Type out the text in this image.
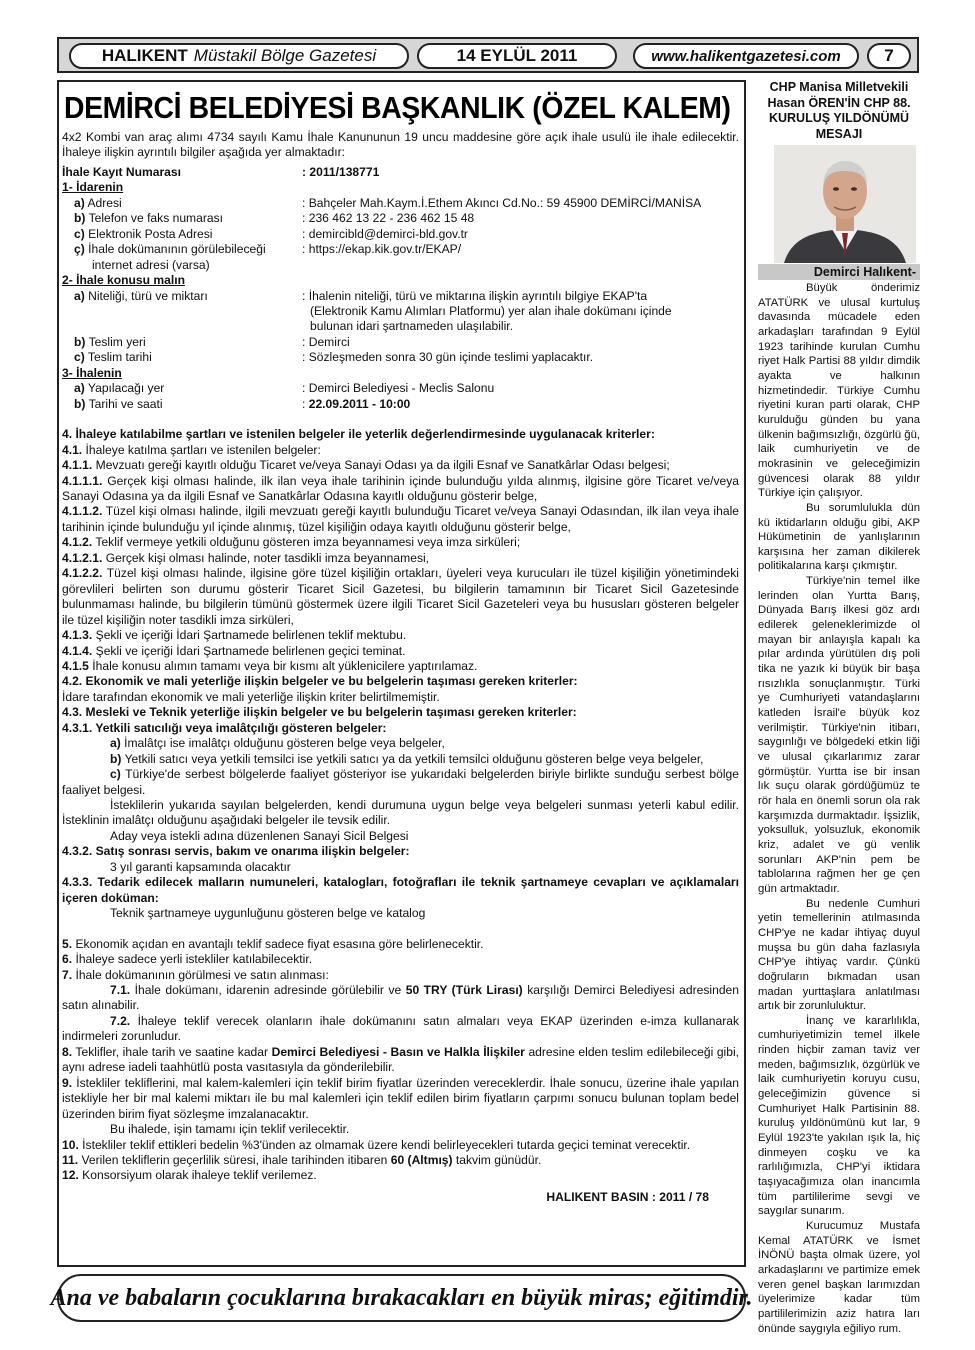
HALIKENT Müstakil Bölge Gazetesi	14 EYLÜL 2011	www.halikentgazetesi.com	7
DEMİRCİ BELEDİYESİ BAŞKANLIK (ÖZEL KALEM)

4x2 Kombi van araç alımı 4734 sayılı Kamu İhale Kanununun 19 uncu maddesine göre açık ihale usulü ile ihale edilecektir. İhaleye ilişkin ayrıntılı bilgiler aşağıda yer almaktadır:

İhale Kayıt Numarası	: 2011/138771
1- İdarenin
a) Adresi	: Bahçeler Mah.Kaym.İ.Ethem Akıncı Cd.No.: 59 45900 DEMİRCİ/MANİSA
b) Telefon ve faks numarası	: 236 462 13 22 - 236 462 15 48
c) Elektronik Posta Adresi	: demircibld@demirci-bld.gov.tr
ç) İhale dokümanının görülebileceği
internet adresi (varsa)
: https://ekap.kik.gov.tr/EKAP/
2- İhale konusu malın
a) Niteliği, türü ve miktarı	: İhalenin niteliği, türü ve miktarına ilişkin ayrıntılı bilgiye EKAP'ta
(Elektronik Kamu Alımları Platformu) yer alan ihale dokümanı içinde
bulunan idari şartnameden ulaşılabilir.
b) Teslim yeri	: Demirci
c) Teslim tarihi	: Sözleşmeden sonra 30 gün içinde teslimi yaplacaktır.
3- İhalenin
a) Yapılacağı yer	: Demirci Belediyesi - Meclis Salonu
b) Tarihi ve saati	: 22.09.2011 - 10:00

4. İhaleye katılabilme şartları ve istenilen belgeler ile yeterlik değerlendirmesinde uygulanacak kriterler:

4.1. İhaleye katılma şartları ve istenilen belgeler:

4.1.1. Mevzuatı gereği kayıtlı olduğu Ticaret ve/veya Sanayi Odası ya da ilgili Esnaf ve Sanatkârlar Odası belgesi;

4.1.1.1. Gerçek kişi olması halinde, ilk ilan veya ihale tarihinin içinde bulunduğu yılda alınmış, ilgisine göre Ticaret ve/veya Sanayi Odasına ya da ilgili Esnaf ve Sanatkârlar Odasına kayıtlı olduğunu gösterir belge,

4.1.1.2. Tüzel kişi olması halinde, ilgili mevzuatı gereği kayıtlı bulunduğu Ticaret ve/veya Sanayi Odasından, ilk ilan veya ihale tarihinin içinde bulunduğu yıl içinde alınmış, tüzel kişiliğin odaya kayıtlı olduğunu gösterir belge,

4.1.2. Teklif vermeye yetkili olduğunu gösteren imza beyannamesi veya imza sirküleri;

4.1.2.1. Gerçek kişi olması halinde, noter tasdikli imza beyannamesi,

4.1.2.2. Tüzel kişi olması halinde, ilgisine göre tüzel kişiliğin ortakları, üyeleri veya kurucuları ile tüzel kişiliğin yönetimindeki görevlileri belirten son durumu gösterir Ticaret Sicil Gazetesi, bu bilgilerin tamamının bir Ticaret Sicil Gazetesinde bulunmaması halinde, bu bilgilerin tümünü göstermek üzere ilgili Ticaret Sicil Gazeteleri veya bu hususları gösteren belgeler ile tüzel kişiliğin noter tasdikli imza sirküleri,

4.1.3. Şekli ve içeriği İdari Şartnamede belirlenen teklif mektubu.

4.1.4. Şekli ve içeriği İdari Şartnamede belirlenen geçici teminat.

4.1.5 İhale konusu alımın tamamı veya bir kısmı alt yüklenicilere yaptırılamaz.

4.2. Ekonomik ve mali yeterliğe ilişkin belgeler ve bu belgelerin taşıması gereken kriterler:

İdare tarafından ekonomik ve mali yeterliğe ilişkin kriter belirtilmemiştir.

4.3. Mesleki ve Teknik yeterliğe ilişkin belgeler ve bu belgelerin taşıması gereken kriterler:

4.3.1. Yetkili satıcılığı veya imalâtçılığı gösteren belgeler:

a) İmalâtçı ise imalâtçı olduğunu gösteren belge veya belgeler,

b) Yetkili satıcı veya yetkili temsilci ise yetkili satıcı ya da yetkili temsilci olduğunu gösteren belge veya belgeler,

c) Türkiye'de serbest bölgelerde faaliyet gösteriyor ise yukarıdaki belgelerden biriyle birlikte sunduğu serbest bölge faaliyet belgesi.

İsteklilerin yukarıda sayılan belgelerden, kendi durumuna uygun belge veya belgeleri sunması yeterli kabul edilir. İsteklinin imalâtçı olduğunu aşağıdaki belgeler ile tevsik edilir.

Aday veya istekli adına düzenlenen Sanayi Sicil Belgesi

4.3.2. Satış sonrası servis, bakım ve onarıma ilişkin belgeler:

3 yıl garanti kapsamında olacaktır

4.3.3. Tedarik edilecek malların numuneleri, katalogları, fotoğrafları ile teknik şartnameye cevapları ve açıklamaları içeren doküman:

Teknik şartnameye uygunluğunu gösteren belge ve katalog

5. Ekonomik açıdan en avantajlı teklif sadece fiyat esasına göre belirlenecektir.

6. İhaleye sadece yerli istekliler katılabilecektir.

7. İhale dokümanının görülmesi ve satın alınması:

7.1. İhale dokümanı, idarenin adresinde görülebilir ve 50 TRY (Türk Lirası) karşılığı Demirci Belediyesi adresinden satın alınabilir.

7.2. İhaleye teklif verecek olanların ihale dokümanını satın almaları veya EKAP üzerinden e-imza kullanarak indirmeleri zorunludur.

8. Teklifler, ihale tarih ve saatine kadar Demirci Belediyesi - Basın ve Halkla İlişkiler adresine elden teslim edilebileceği gibi, aynı adrese iadeli taahhütlü posta vasıtasıyla da gönderilebilir.

9. İstekliler tekliflerini, mal kalem-kalemleri için teklif birim fiyatlar üzerinden vereceklerdir. İhale sonucu, üzerine ihale yapılan istekliyle her bir mal kalemi miktarı ile bu mal kalemleri için teklif edilen birim fiyatların çarpımı sonucu bulunan toplam bedel üzerinden birim fiyat sözleşme imzalanacaktır.

Bu ihalede, işin tamamı için teklif verilecektir.

10. İstekliler teklif ettikleri bedelin %3'ünden az olmamak üzere kendi belirleyecekleri tutarda geçici teminat verecektir.

11. Verilen tekliflerin geçerlilik süresi, ihale tarihinden itibaren 60 (Altmış) takvim günüdür.

12. Konsorsiyum olarak ihaleye teklif verilemez.

HALIKENT BASIN : 2011 / 78
Ana ve babaların çocuklarına bırakacakları en büyük miras; eğitimdir.
CHP Manisa Milletvekili Hasan ÖREN'İN CHP 88. KURULUŞ YILDÖNÜMÜ MESAJI
Demirci Halıkent-

Büyük önderimiz ATATÜRK ve ulusal kurtuluş davasında mücadele eden arkadaşları tarafından 9 Eylül 1923 tarihinde kurulan Cumhu riyet Halk Partisi 88 yıldır dimdik ayakta ve halkının hizmetindedir. Türkiye Cumhu riyetini kuran parti olarak, CHP kurulduğu günden bu yana ülkenin bağımsızlığı, özgürlü ğü, laik cumhuriyetin ve de mokrasinin ve geleceğimizin güvencesi olarak 88 yıldır Türkiye için çalışıyor.

Bu sorumlulukla dün kü iktidarların olduğu gibi, AKP Hükümetinin de yanlışlarının karşısına her zaman dikilerek politikalarına karşı çıkmıştır.

Türkiye'nin temel ilke lerinden olan Yurtta Barış, Dünyada Barış ilkesi göz ardı edilerek geleneklerimizde ol mayan bir anlayışla kapalı ka pılar ardında yürütülen dış poli tika ne yazık ki büyük bir başa rısızlıkla sonuçlanmıştır. Türki ye Cumhuriyeti vatandaşlarını katleden İsrail'e büyük koz verilmiştir. Türkiye'nin itibarı, saygınlığı ve bölgedeki etkin liği ve ulusal çıkarlarımız zarar görmüştür. Yurtta ise bir insan lık suçu olarak gördüğümüz te rör hala en önemli sorun ola rak karşımızda durmaktadır. İşsizlik, yoksulluk, yolsuzluk, ekonomik kriz, adalet ve gü venlik sorunları AKP'nin pem be tablolarına rağmen her ge çen gün artmaktadır.

Bu nedenle Cumhuri yetin temellerinin atılmasında CHP'ye ne kadar ihtiyaç duyul muşsa bu gün daha fazlasıyla CHP'ye ihtiyaç vardır. Çünkü doğruların bıkmadan usan madan yurttaşlara anlatılması artık bir zorunluluktur.

İnanç ve kararlılıkla, cumhuriyetimizin temel ilkele rinden hiçbir zaman taviz ver meden, bağımsızlık, özgürlük ve laik cumhuriyetin koruyu cusu, geleceğimizin güvence si Cumhuriyet Halk Partisinin 88. kuruluş yıldönümünü kut lar, 9 Eylül 1923'te yakılan ışık la, hiç dinmeyen coşku ve ka rarlılığımızla, CHP'yi iktidara taşıyacağımıza olan inancımla tüm partililerime sevgi ve saygılar sunarım.

Kurucumuz Mustafa Kemal ATATÜRK ve İsmet İNÖNÜ başta olmak üzere, yol arkadaşlarını ve partimize emek veren genel başkan larımızdan üyelerimize kadar tüm partililerimizin aziz hatıra ları önünde saygıyla eğiliyo rum.
